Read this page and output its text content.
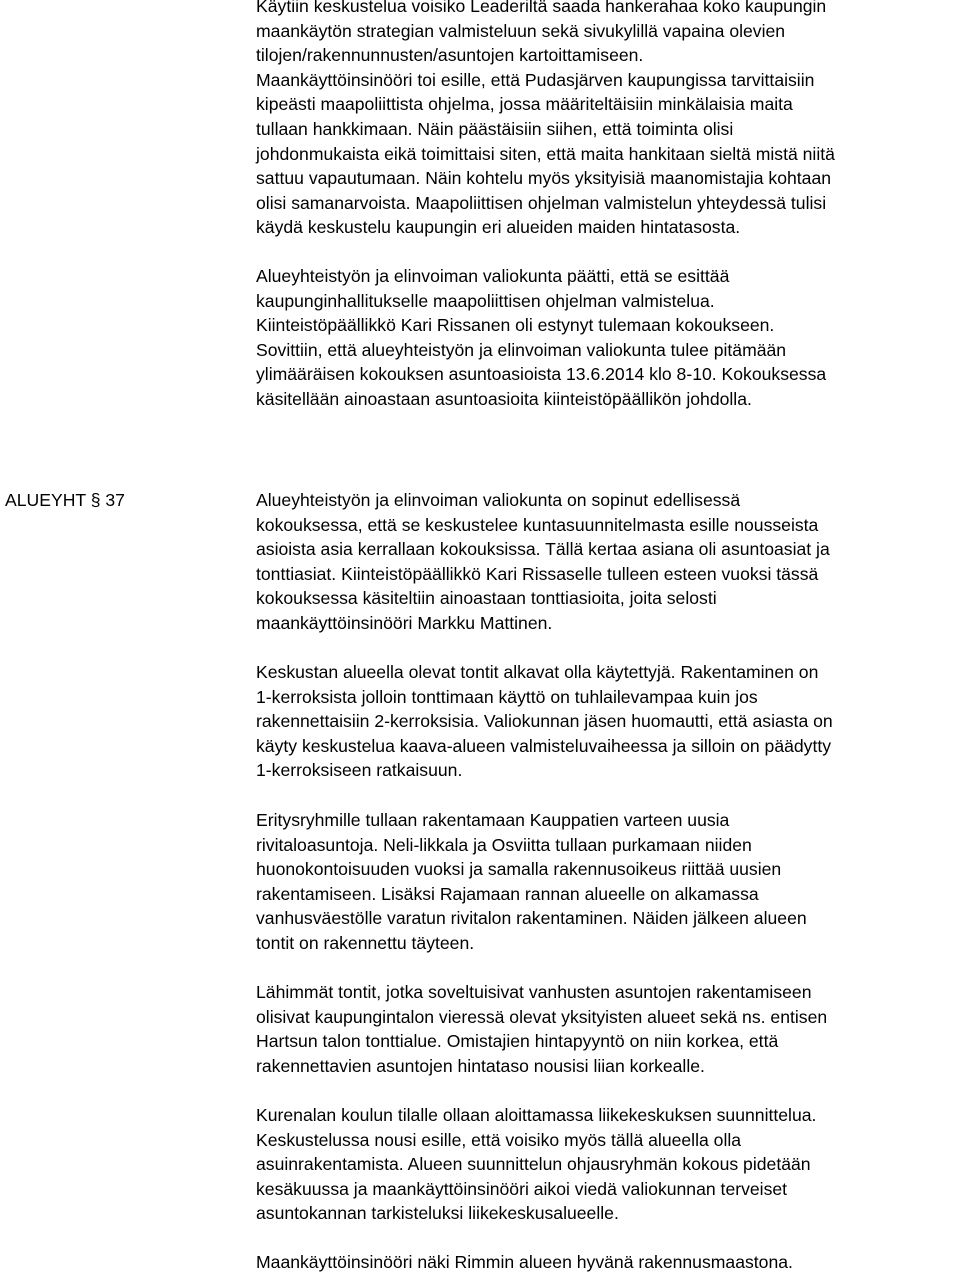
Käytiin keskustelua voisiko Leaderiltä saada hankerahaa koko kaupungin
maankäytön strategian valmisteluun sekä sivukylillä vapaina olevien
tilojen/rakennunnusten/asuntojen kartoittamiseen.
Maankäyttöinsinööri toi esille, että Pudasjärven kaupungissa tarvittaisiin
kipeästi maapoliittista ohjelma, jossa määriteltäisiin minkälaisia maita
tullaan hankkimaan. Näin päästäisiin siihen, että toiminta olisi
johdonmukaista eikä toimittaisi siten, että maita hankitaan sieltä mistä niitä
sattuu vapautumaan. Näin kohtelu myös yksityisiä maanomistajia kohtaan
olisi samanarvoista. Maapoliittisen ohjelman valmistelun yhteydessä tulisi
käydä keskustelu kaupungin eri alueiden maiden hintatasosta.

Alueyhteistyön ja elinvoiman valiokunta päätti, että se esittää
kaupunginhallitukselle maapoliittisen ohjelman valmistelua.
Kiinteistöpäällikkö Kari Rissanen oli estynyt tulemaan kokoukseen.
Sovittiin, että alueyhteistyön ja elinvoiman valiokunta tulee pitämään
ylimääräisen kokouksen asuntoasioista 13.6.2014 klo 8-10. Kokouksessa
käsitellään ainoastaan asuntoasioita kiinteistöpäällikön johdolla.

ALUEYHT § 37	Alueyhteistyön ja elinvoiman valiokunta on sopinut edellisessä
kokouksessa, että se keskustelee kuntasuunnitelmasta esille nousseista
asioista asia kerrallaan kokouksissa. Tällä kertaa asiana oli asuntoasiat ja
tonttiasiat. Kiinteistöpäällikkö Kari Rissaselle tulleen esteen vuoksi tässä
kokouksessa käsiteltiin ainoastaan tonttiasioita, joita selosti
maankäyttöinsinööri Markku Mattinen.

Keskustan alueella olevat tontit alkavat olla käytettyjä. Rakentaminen on
1-kerroksista jolloin tonttimaan käyttö on tuhlailevampaa kuin jos
rakennettaisiin 2-kerroksisia. Valiokunnan jäsen huomautti, että asiasta on
käyty keskustelua kaava-alueen valmisteluvaiheessa ja silloin on päädytty
1-kerroksiseen ratkaisuun.

Eritysryhmille tullaan rakentamaan Kauppatien varteen uusia
rivitaloasuntoja. Neli-likkala ja Osviitta tullaan purkamaan niiden
huonokontoisuuden vuoksi ja samalla rakennusoikeus riittää uusien
rakentamiseen. Lisäksi Rajamaan rannan alueelle on alkamassa
vanhusväestölle varatun rivitalon rakentaminen. Näiden jälkeen alueen
tontit on rakennettu täyteen.

Lähimmät tontit, jotka soveltuisivat vanhusten asuntojen rakentamiseen
olisivat kaupungintalon vieressä olevat yksityisten alueet sekä ns. entisen
Hartsun talon tonttialue. Omistajien hintapyyntö on niin korkea, että
rakennettavien asuntojen hintataso nousisi liian korkealle.

Kurenalan koulun tilalle ollaan aloittamassa liikekeskuksen suunnittelua.
Keskustelussa nousi esille, että voisiko myös tällä alueella olla
asuinrakentamista. Alueen suunnittelun ohjausryhmän kokous pidetään
kesäkuussa ja maankäyttöinsinööri aikoi viedä valiokunnan terveiset
asuntokannan tarkisteluksi liikekeskusalueelle.

Maankäyttöinsinööri näki Rimmin alueen hyvänä rakennusmaastona.
